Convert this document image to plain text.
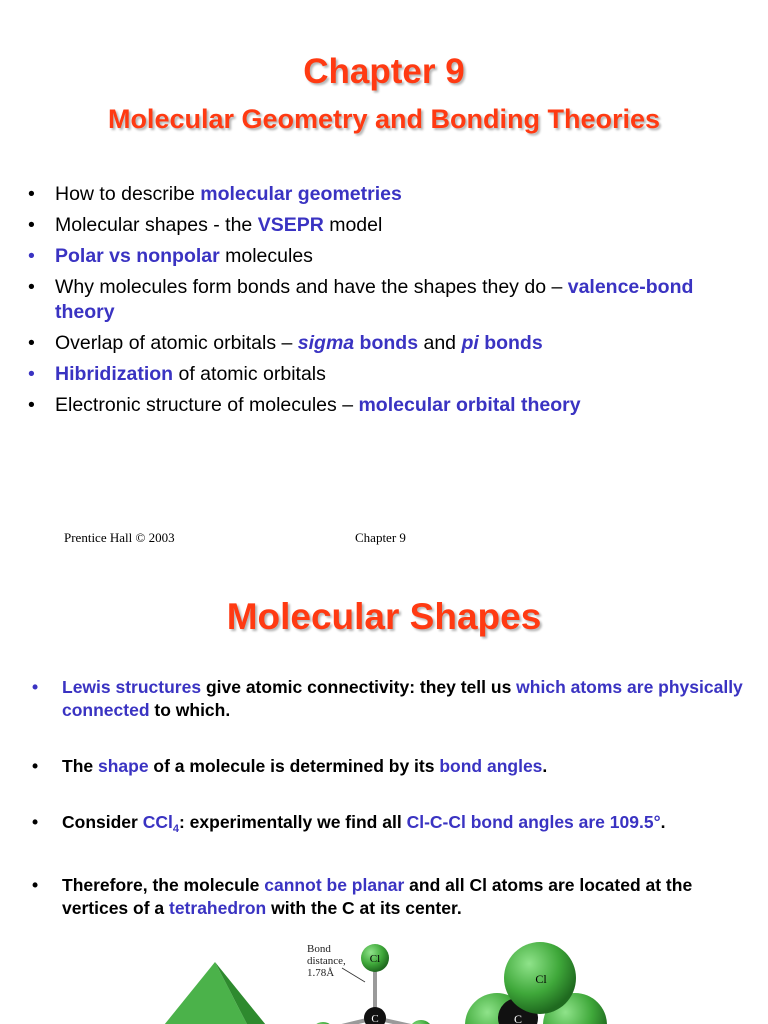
Chapter 9
Molecular Geometry and Bonding Theories
• How to describe molecular geometries
• Molecular shapes - the VSEPR model
• Polar vs nonpolar molecules
• Why molecules form bonds and have the shapes they do – valence-bond theory
• Overlap of atomic orbitals – sigma bonds and pi bonds
• Hibridization of atomic orbitals
• Electronic structure of molecules – molecular orbital theory
Prentice Hall © 2003	Chapter 9
Molecular Shapes
• Lewis structures give atomic connectivity: they tell us which atoms are physically connected to which.
• The shape of a molecule is determined by its bond angles.
• Consider CCl$_4$: experimentally we find all Cl-C-Cl bond angles are 109.5°.
• Therefore, the molecule cannot be planar and all Cl atoms are located at the vertices of a tetrahedron with the C at its center.
Cl
C
Bond
distance,
1.78Å	Cl
C
